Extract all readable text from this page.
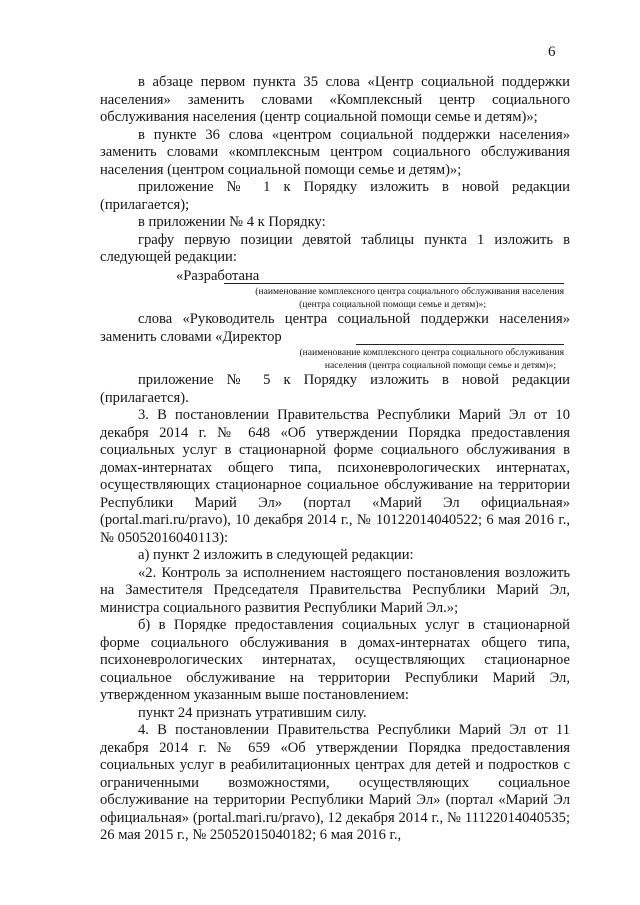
6

в абзаце первом пункта 35 слова «Центр социальной поддержки населения» заменить словами «Комплексный центр социального обслуживания населения (центр социальной помощи семье и детям)»;

в пункте 36 слова «центром социальной поддержки населения» заменить словами «комплексным центром социального обслуживания населения (центром социальной помощи семье и детям)»;

приложение № 1 к Порядку изложить в новой редакции (прилагается);

в приложении № 4 к Порядку:

графу первую позиции девятой таблицы пункта 1 изложить в следующей редакции:

«Разработана
(наименование комплексного центра социального обслуживания населения
(центра социальной помощи семье и детям)»;

слова «Руководитель центра социальной поддержки населения» заменить словами «Директор

(наименование комплексного центра социального обслуживания
населения (центра социальной помощи семье и детям)»;

приложение № 5 к Порядку изложить в новой редакции (прилагается).

3. В постановлении Правительства Республики Марий Эл от 10 декабря 2014 г. № 648 «Об утверждении Порядка предоставления социальных услуг в стационарной форме социального обслуживания в домах-интернатах общего типа, психоневрологических интернатах, осуществляющих стационарное социальное обслуживание на территории Республики Марий Эл» (портал «Марий Эл официальная» (portal.mari.ru/pravo), 10 декабря 2014 г., № 10122014040522; 6 мая 2016 г., № 05052016040113):

а) пункт 2 изложить в следующей редакции:

«2. Контроль за исполнением настоящего постановления возложить на Заместителя Председателя Правительства Республики Марий Эл, министра социального развития Республики Марий Эл.»;

б) в Порядке предоставления социальных услуг в стационарной форме социального обслуживания в домах-интернатах общего типа, психоневрологических интернатах, осуществляющих стационарное социальное обслуживание на территории Республики Марий Эл, утвержденном указанным выше постановлением:

пункт 24 признать утратившим силу.

4. В постановлении Правительства Республики Марий Эл от 11 декабря 2014 г. № 659 «Об утверждении Порядка предоставления социальных услуг в реабилитационных центрах для детей и подростков с ограниченными возможностями, осуществляющих социальное обслуживание на территории Республики Марий Эл» (портал «Марий Эл официальная» (portal.mari.ru/pravo), 12 декабря 2014 г., № 11122014040535; 26 мая 2015 г., № 25052015040182; 6 мая 2016 г.,
